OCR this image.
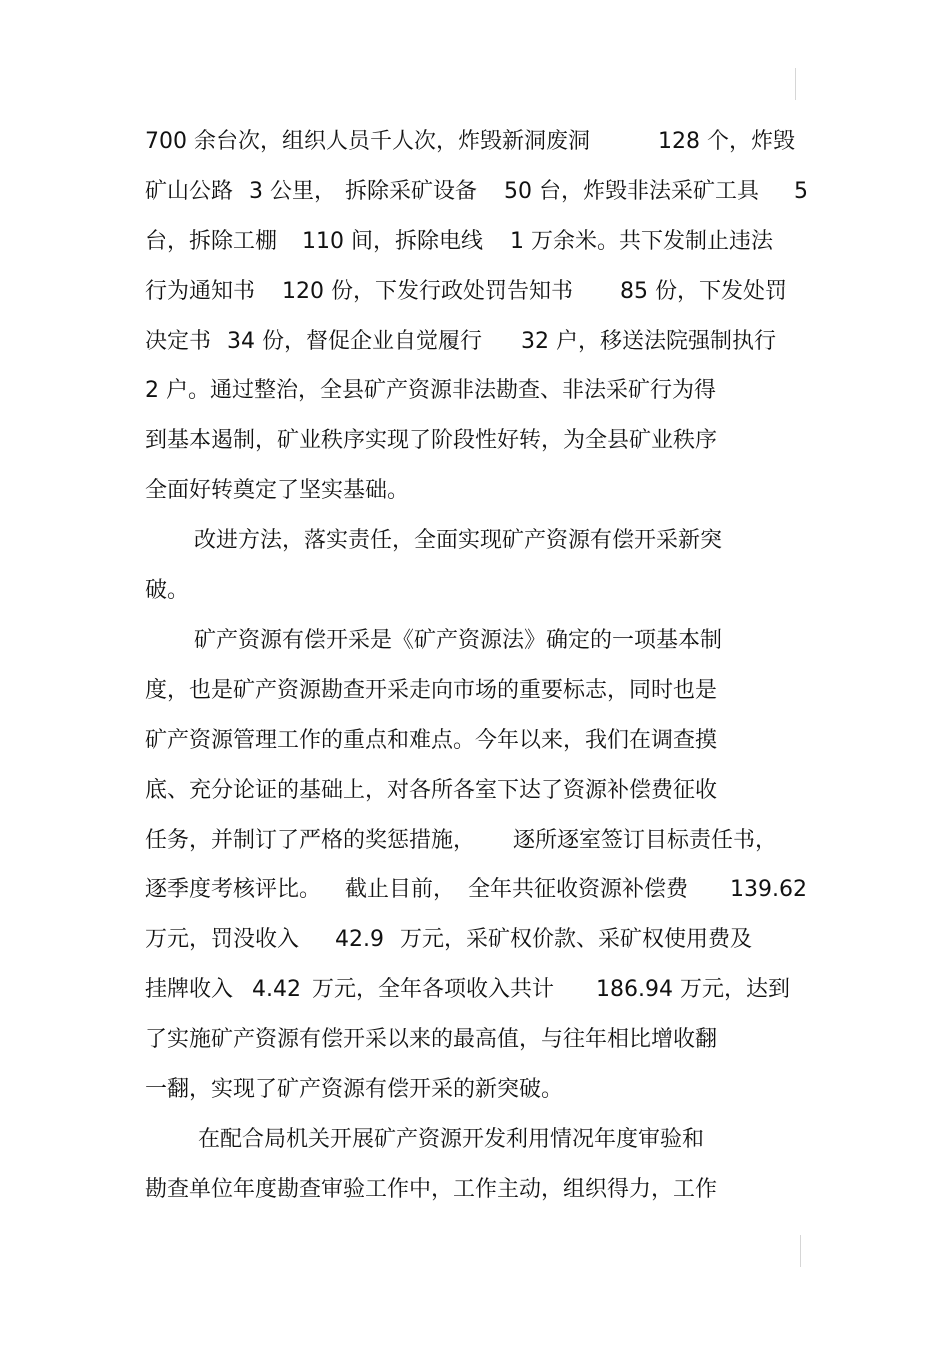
700 余台次，组织人员千人次，炸毁新洞废洞	128 个，炸毁
矿山公路 3 公里， 拆除采矿设备 50 台，炸毁非法采矿工具 5
台，拆除工棚 110 间，拆除电线 1 万余米。共下发制止违法
行为通知书 120 份，下发行政处罚告知书 85 份，下发处罚
决定书 34 份，督促企业自觉履行 32 户，移送法院强制执行
2 户。通过整治，全县矿产资源非法勘查、非法采矿行为得
到基本遏制，矿业秩序实现了阶段性好转，为全县矿业秩序
全面好转奠定了坚实基础。
改进方法，落实责任，全面实现矿产资源有偿开采新突
破。
矿产资源有偿开采是《矿产资源法》确定的一项基本制
度，也是矿产资源勘查开采走向市场的重要标志，同时也是
矿产资源管理工作的重点和难点。今年以来，我们在调查摸
底、充分论证的基础上，对各所各室下达了资源补偿费征收
任务，并制订了严格的奖惩措施， 逐所逐室签订目标责任书，
逐季度考核评比。 截止目前， 全年共征收资源补偿费 139.62
万元，罚没收入 42.9 万元，采矿权价款、采矿权使用费及
挂牌收入 4.42 万元，全年各项收入共计 186.94 万元，达到
了实施矿产资源有偿开采以来的最高值，与往年相比增收翻
一翻，实现了矿产资源有偿开采的新突破。
在配合局机关开展矿产资源开发利用情况年度审验和
勘查单位年度勘查审验工作中，工作主动，组织得力，工作
